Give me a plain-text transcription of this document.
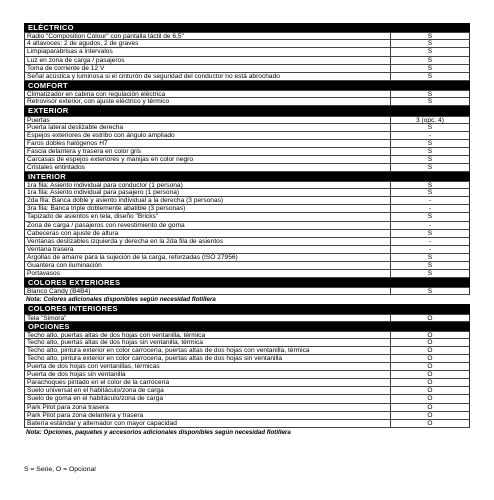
ELÉCTRICO
Radio "Composition Colour" con pantalla táctil de 6,5"	S
4 altavoces: 2 de agudos, 2 de graves	S
Limpiaparabrisas a intervalos	S
Luz en zona de carga / pasajeros	S
Toma de corriente de 12 V	S
Señal acústica y luminosa si el cinturón de seguridad del conductor no está abrochado	S
COMFORT
Climatizador en cabina con regulación eléctrica	S
Retrovisor exterior, con ajuste eléctrico y térmico	S
EXTERIOR
Puertas	3 (opc. 4)
Puerta lateral deslizable derecha	S
Espejos exteriores de estribo con ángulo ampliado	-
Faros dobles halógenos H7	S
Fascia delantera y trasera en color gris	S
Carcasas de espejos exteriores y manijas en color negro	S
Cristales entintados	S
INTERIOR
1ra fila: Asiento individual para conductor (1 persona)	S
1ra fila: Asiento individual para pasajero (1 persona)	S
2da fila: Banca doble y asiento individual a la derecha (3 personas)	-
3ra fila: Banca triple doblemente abatible (3 personas)	-
Tapizado de asientos en tela, diseño "Bricks"	S
Zona de carga / pasajeros con revestimiento de goma	-
Cabeceras con ajuste de altura	S
Ventanas deslizables izquierda y derecha en la 2da fila de asientos	-
Ventana trasera	-
Argollas de amarre para la sujeción de la carga, reforzadas (ISO 27956)	S
Guantera con iluminación	S
Portavasos	S
COLORES EXTERIORES
Blanco Candy (B4B4)	S
Nota: Colores adicionales disponibles según necesidad flotillera
COLORES INTERIORES
Tela "Simora"	O
OPCIONES
Techo alto, puertas altas de dos hojas con ventanilla, térmica	O
Techo alto, puertas altas de dos hojas sin ventanilla, térmica	O
Techo alto, pintura exterior en color carrocería, puertas altas de dos hojas con ventanilla, térmica	O
Techo alto, pintura exterior en color carrocería, puertas altas de dos hojas sin ventanilla	O
Puerta de dos hojas con ventanillas, térmicas	O
Puerta de dos hojas sin ventanilla	O
Parachoques pintado en el color de la carrocería	O
Suelo universal en el habitáculo/zona de carga	O
Suelo de goma en el habitáculo/zona de carga	O
Park Pilot para zona trasera	O
Park Pilot para zona delantera y trasera	O
Batería estándar y alternador con mayor capacidad	O
Nota: Opciones, paquetes y accesorios adicionales disponibles según necesidad flotillera
S = Serie, O = Opcional
